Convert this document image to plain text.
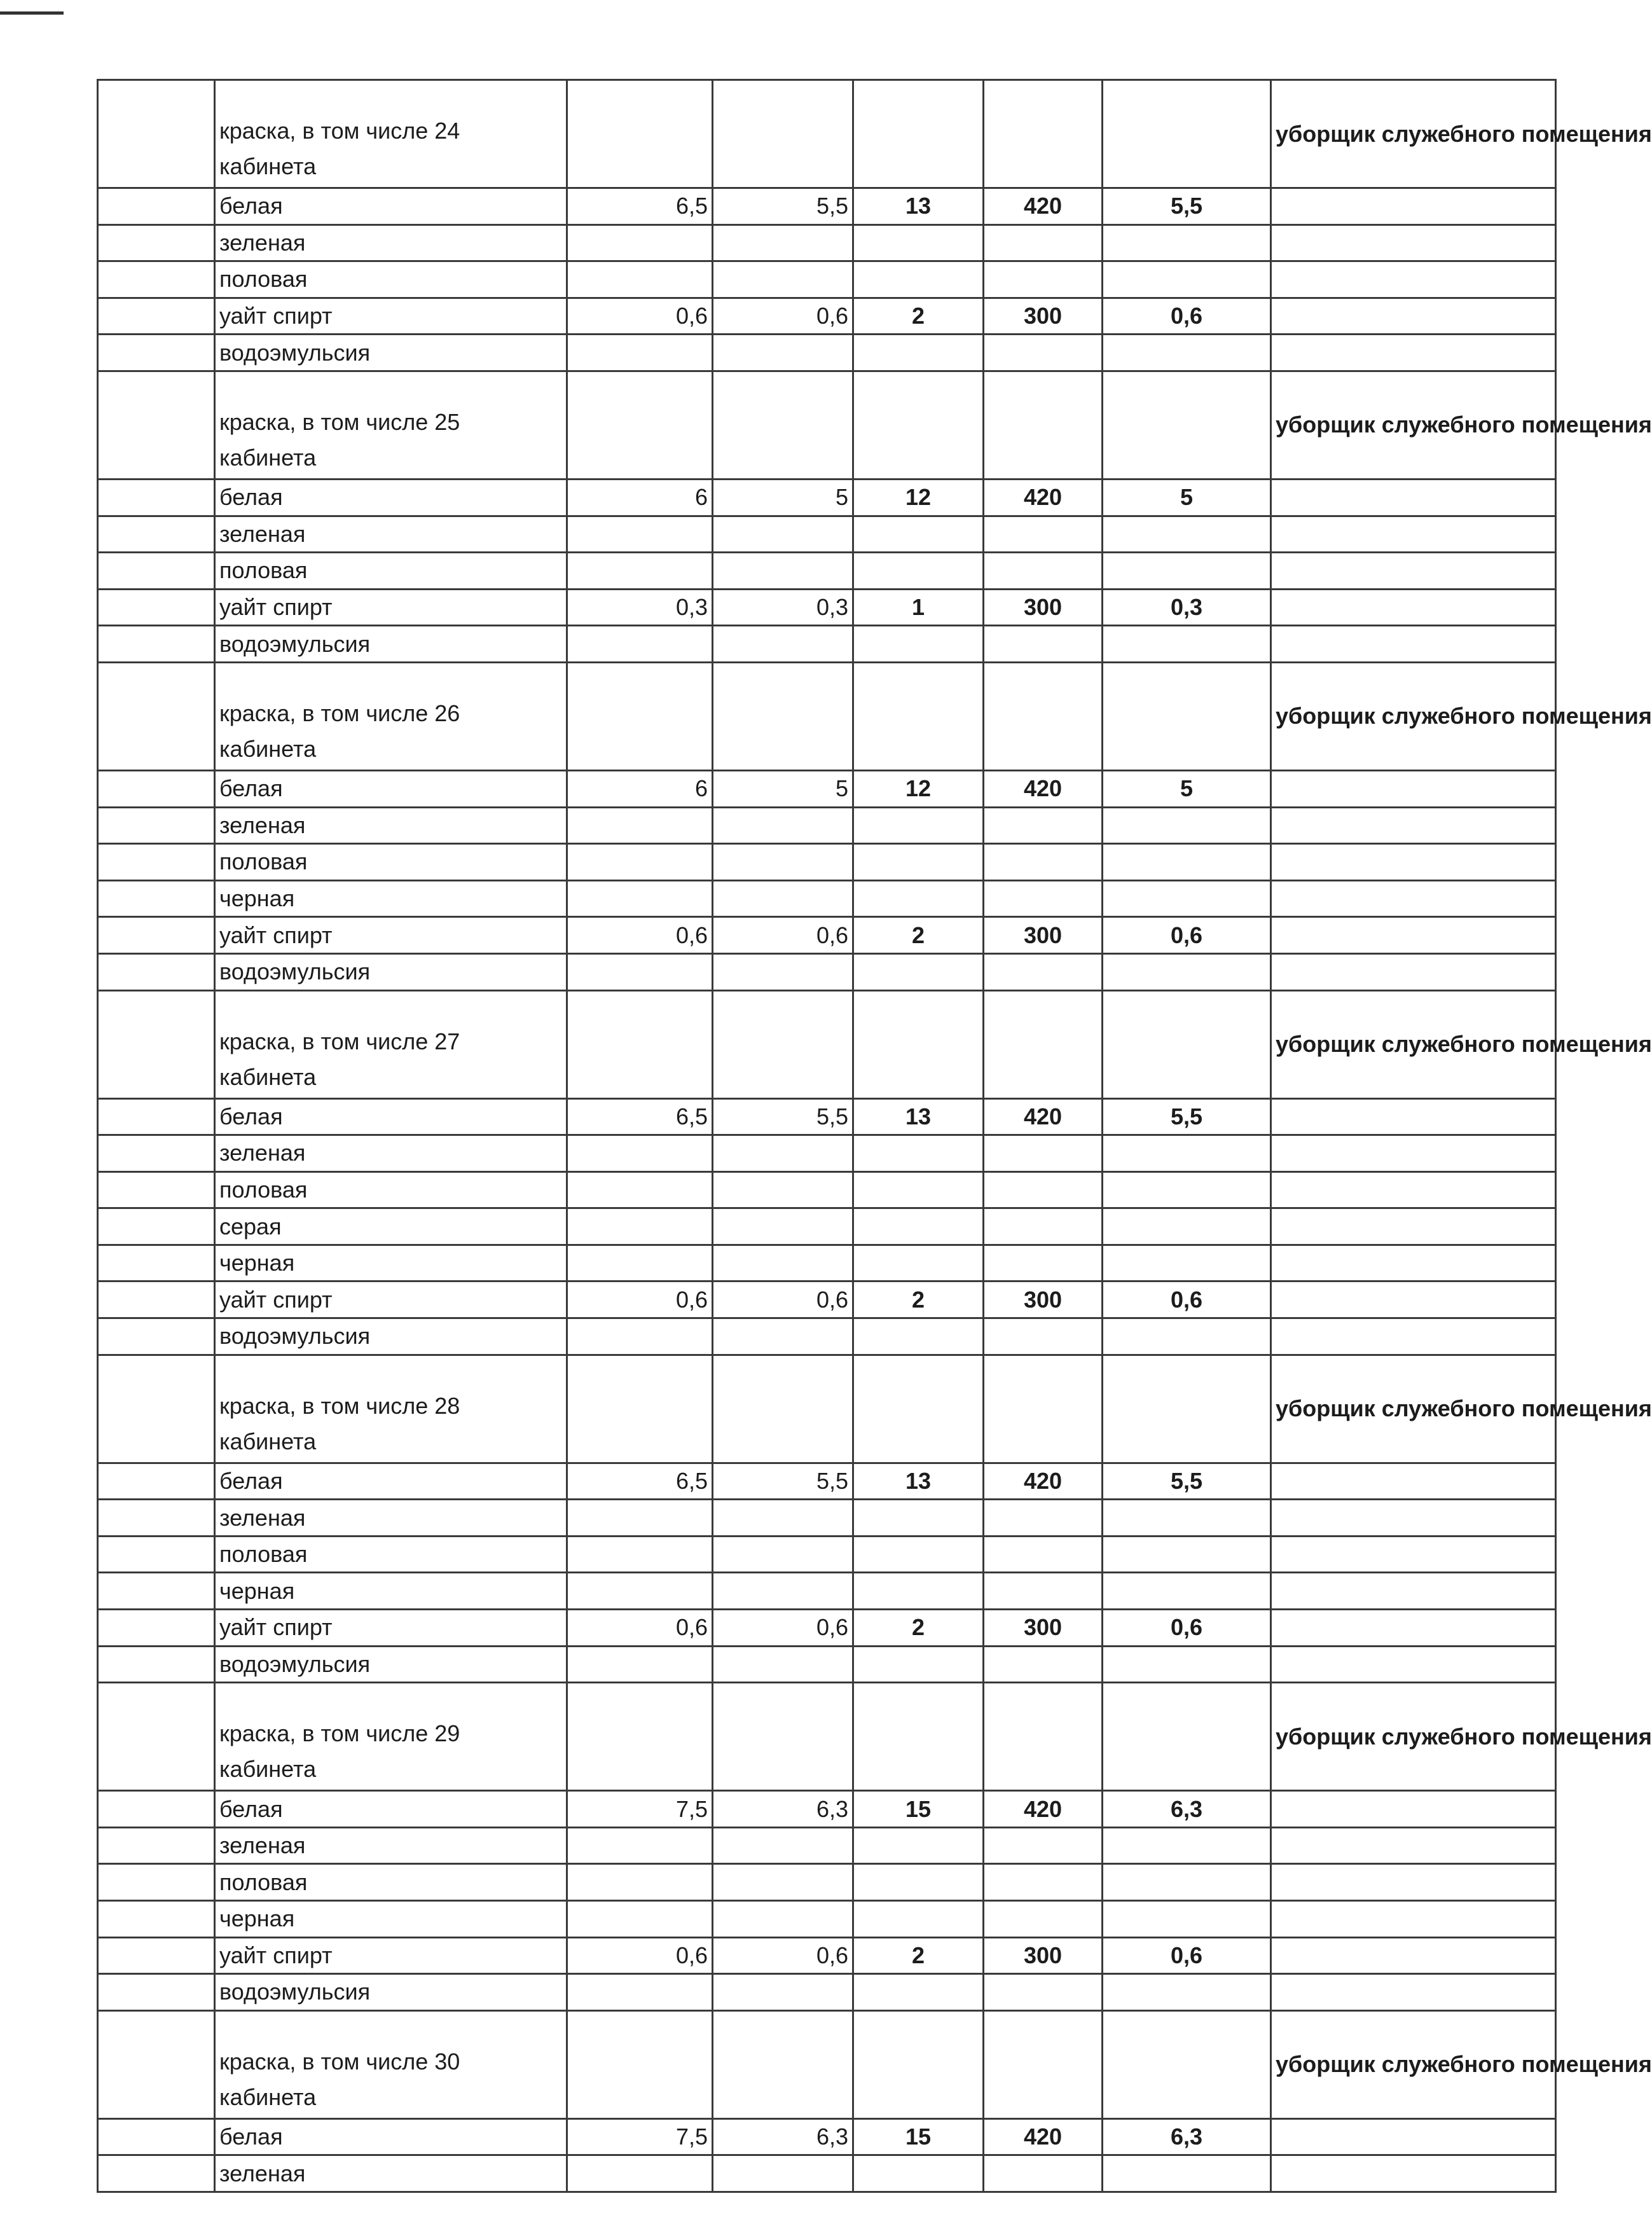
	краска, в том числе 24 кабинета						уборщик служебного помещения
	белая	6,5	5,5	13	420	5,5	
	зеленая						
	половая						
	уайт спирт	0,6	0,6	2	300	0,6	
	водоэмульсия						
	краска, в том числе 25 кабинета						уборщик служебного помещения
	белая	6	5	12	420	5	
	зеленая						
	половая						
	уайт спирт	0,3	0,3	1	300	0,3	
	водоэмульсия						
	краска, в том числе 26 кабинета						уборщик служебного помещения
	белая	6	5	12	420	5	
	зеленая						
	половая						
	черная						
	уайт спирт	0,6	0,6	2	300	0,6	
	водоэмульсия						
	краска, в том числе 27 кабинета						уборщик служебного помещения
	белая	6,5	5,5	13	420	5,5	
	зеленая						
	половая						
	серая						
	черная						
	уайт спирт	0,6	0,6	2	300	0,6	
	водоэмульсия						
	краска, в том числе 28 кабинета						уборщик служебного помещения
	белая	6,5	5,5	13	420	5,5	
	зеленая						
	половая						
	черная						
	уайт спирт	0,6	0,6	2	300	0,6	
	водоэмульсия						
	краска, в том числе 29 кабинета						уборщик служебного помещения
	белая	7,5	6,3	15	420	6,3	
	зеленая						
	половая						
	черная						
	уайт спирт	0,6	0,6	2	300	0,6	
	водоэмульсия						
	краска, в том числе 30 кабинета						уборщик служебного помещения
	белая	7,5	6,3	15	420	6,3	
	зеленая						
